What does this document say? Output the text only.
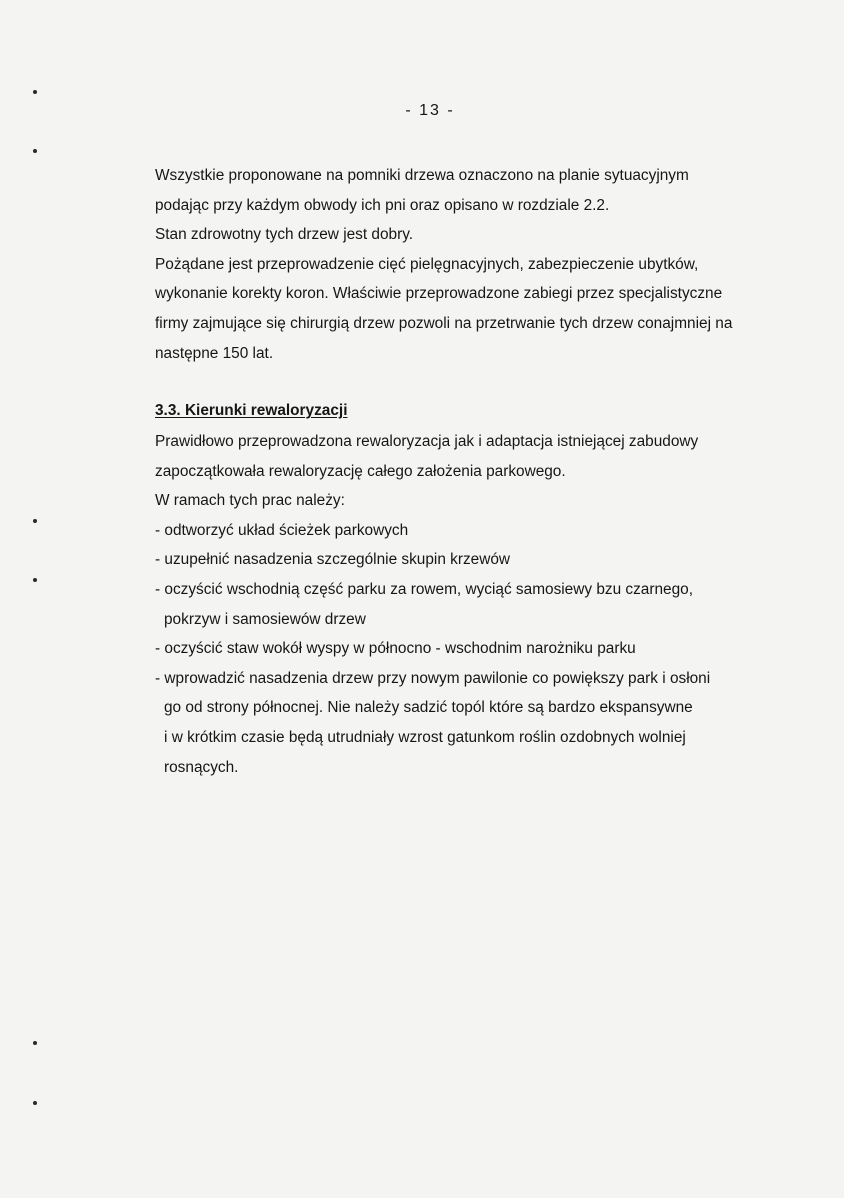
- 13 -
Wszystkie proponowane na pomniki drzewa oznaczono na planie sytuacyjnym
podając przy każdym obwody ich pni oraz opisano w rozdziale 2.2.
Stan zdrowotny tych drzew jest dobry.
Pożądane jest przeprowadzenie cięć pielęgnacyjnych, zabezpieczenie ubytków,
wykonanie korekty koron. Właściwie przeprowadzone zabiegi przez specjalistyczne
firmy zajmujące się chirurgią drzew pozwoli na przetrwanie tych drzew conajmniej na
następne 150 lat.
3.3. Kierunki rewaloryzacji
Prawidłowo przeprowadzona rewaloryzacja jak i adaptacja istniejącej zabudowy
zapoczątkowała rewaloryzację całego założenia parkowego.
W ramach tych prac należy:
- odtworzyć układ ścieżek parkowych
- uzupełnić nasadzenia szczególnie skupin krzewów
- oczyścić wschodnią część parku za rowem, wyciąć samosiewy bzu czarnego,
pokrzyw i samosiewów drzew
- oczyścić staw wokół wyspy w północno - wschodnim narożniku parku
- wprowadzić nasadzenia drzew przy nowym pawilonie co powiększy park i osłoni
go od strony północnej. Nie należy sadzić topól które są bardzo ekspansywne
i w krótkim czasie będą utrudniały wzrost gatunkom roślin ozdobnych wolniej
rosnących.
